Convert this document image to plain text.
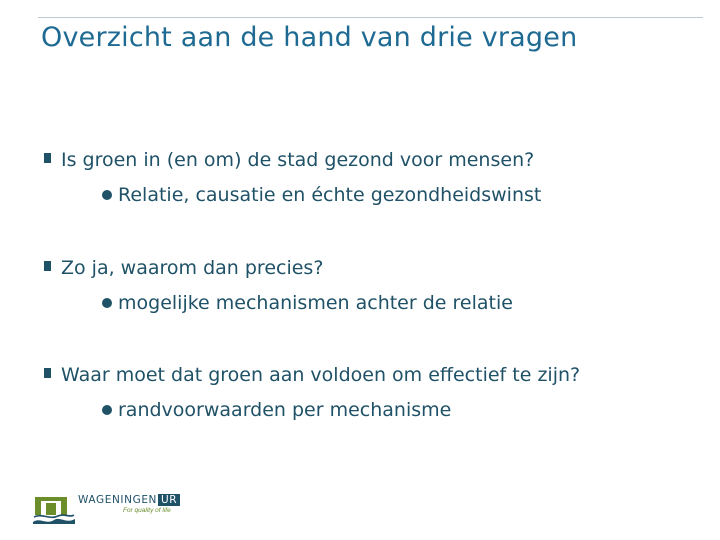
Overzicht aan de hand van drie vragen
Is groen in (en om) de stad gezond voor mensen?
Relatie, causatie en échte gezondheidswinst
Zo ja, waarom dan precies?
mogelijke mechanismen achter de relatie
Waar moet dat groen aan voldoen om effectief te zijn?
randvoorwaarden per mechanisme
WAGENINGEN UR
For quality of life
